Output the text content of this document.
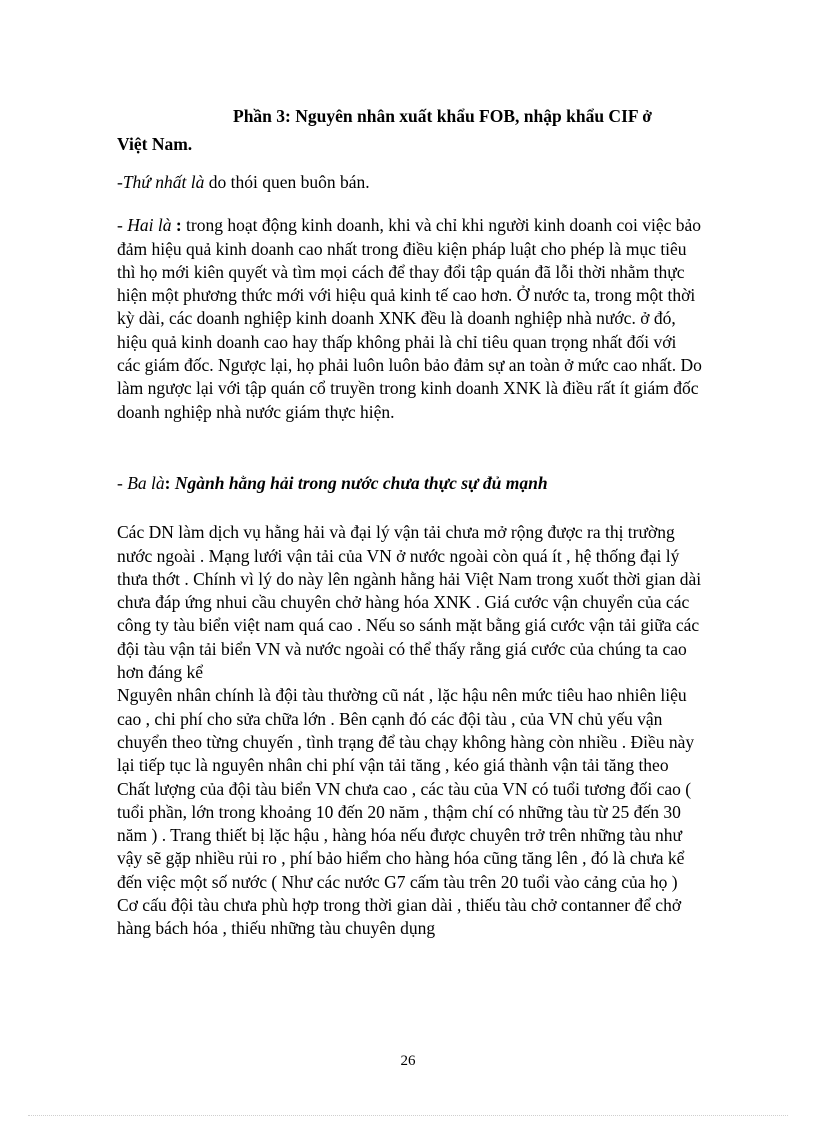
Phần 3: Nguyên nhân xuất khẩu FOB, nhập khẩu CIF ở
Việt Nam.

-Thứ nhất là do thói quen buôn bán.

- Hai là : trong hoạt động kinh doanh, khi và chỉ khi người kinh doanh coi việc bảo đảm hiệu quả kinh doanh cao nhất trong điều kiện pháp luật cho phép là mục tiêu thì họ mới kiên quyết và tìm mọi cách để thay đổi tập quán đã lỗi thời nhằm thực hiện một phương thức mới với hiệu quả kinh tế cao hơn. Ở nước ta, trong một thời kỳ dài, các doanh nghiệp kinh doanh XNK đều là doanh nghiệp nhà nước. ở đó, hiệu quả kinh doanh cao hay thấp không phải là chỉ tiêu quan trọng nhất đối với các giám đốc. Ngược lại, họ phải luôn luôn bảo đảm sự an toàn ở mức cao nhất. Do làm ngược lại với tập quán cổ truyền trong kinh doanh XNK là điều rất ít giám đốc doanh nghiệp nhà nước giám thực hiện.

- Ba là: Ngành hằng hải trong nước chưa thực sự đủ mạnh

Các DN làm dịch vụ hằng hải và đại lý vận tải chưa mở rộng được ra thị trường nước ngoài . Mạng lưới vận tải của VN ở nước ngoài còn quá ít , hệ thống đại lý thưa thớt . Chính vì lý do này lên ngành hằng hải Việt Nam trong xuốt thời gian dài chưa đáp ứng nhui cầu chuyên chở hàng hóa XNK . Giá cước vận chuyển của các công ty tàu biển việt nam quá cao . Nếu so sánh mặt bằng giá cước vận tải giữa các đội tàu vận tải biển VN và nước ngoài có thể thấy rằng giá cước của chúng ta cao hơn đáng kể

Nguyên nhân chính là đội tàu thường cũ nát , lặc hậu nên mức tiêu hao nhiên liệu cao , chi phí cho sửa chữa lớn . Bên cạnh đó các đội tàu , của VN chủ yếu vận chuyển theo từng chuyến , tình trạng để tàu chạy không hàng còn nhiều . Điều này lại tiếp tục là nguyên nhân chi phí vận tải tăng , kéo giá thành vận tải tăng theo

Chất lượng của đội tàu biển VN chưa cao , các tàu của VN có tuổi tương đối cao ( tuổi phần, lớn trong khoảng 10 đến 20 năm , thậm chí có những tàu từ 25 đến 30 năm ) . Trang thiết bị lặc hậu , hàng hóa nếu được chuyên trở trên những tàu như vậy sẽ gặp nhiều rủi ro , phí bảo hiểm cho hàng hóa cũng tăng lên , đó là chưa kể đến việc một số nước ( Như các nước G7 cấm tàu trên 20 tuổi vào cảng của họ )

Cơ cấu đội tàu chưa phù hợp trong thời gian dài , thiếu tàu chở contanner để chở hàng bách hóa , thiếu những tàu chuyên dụng

26
